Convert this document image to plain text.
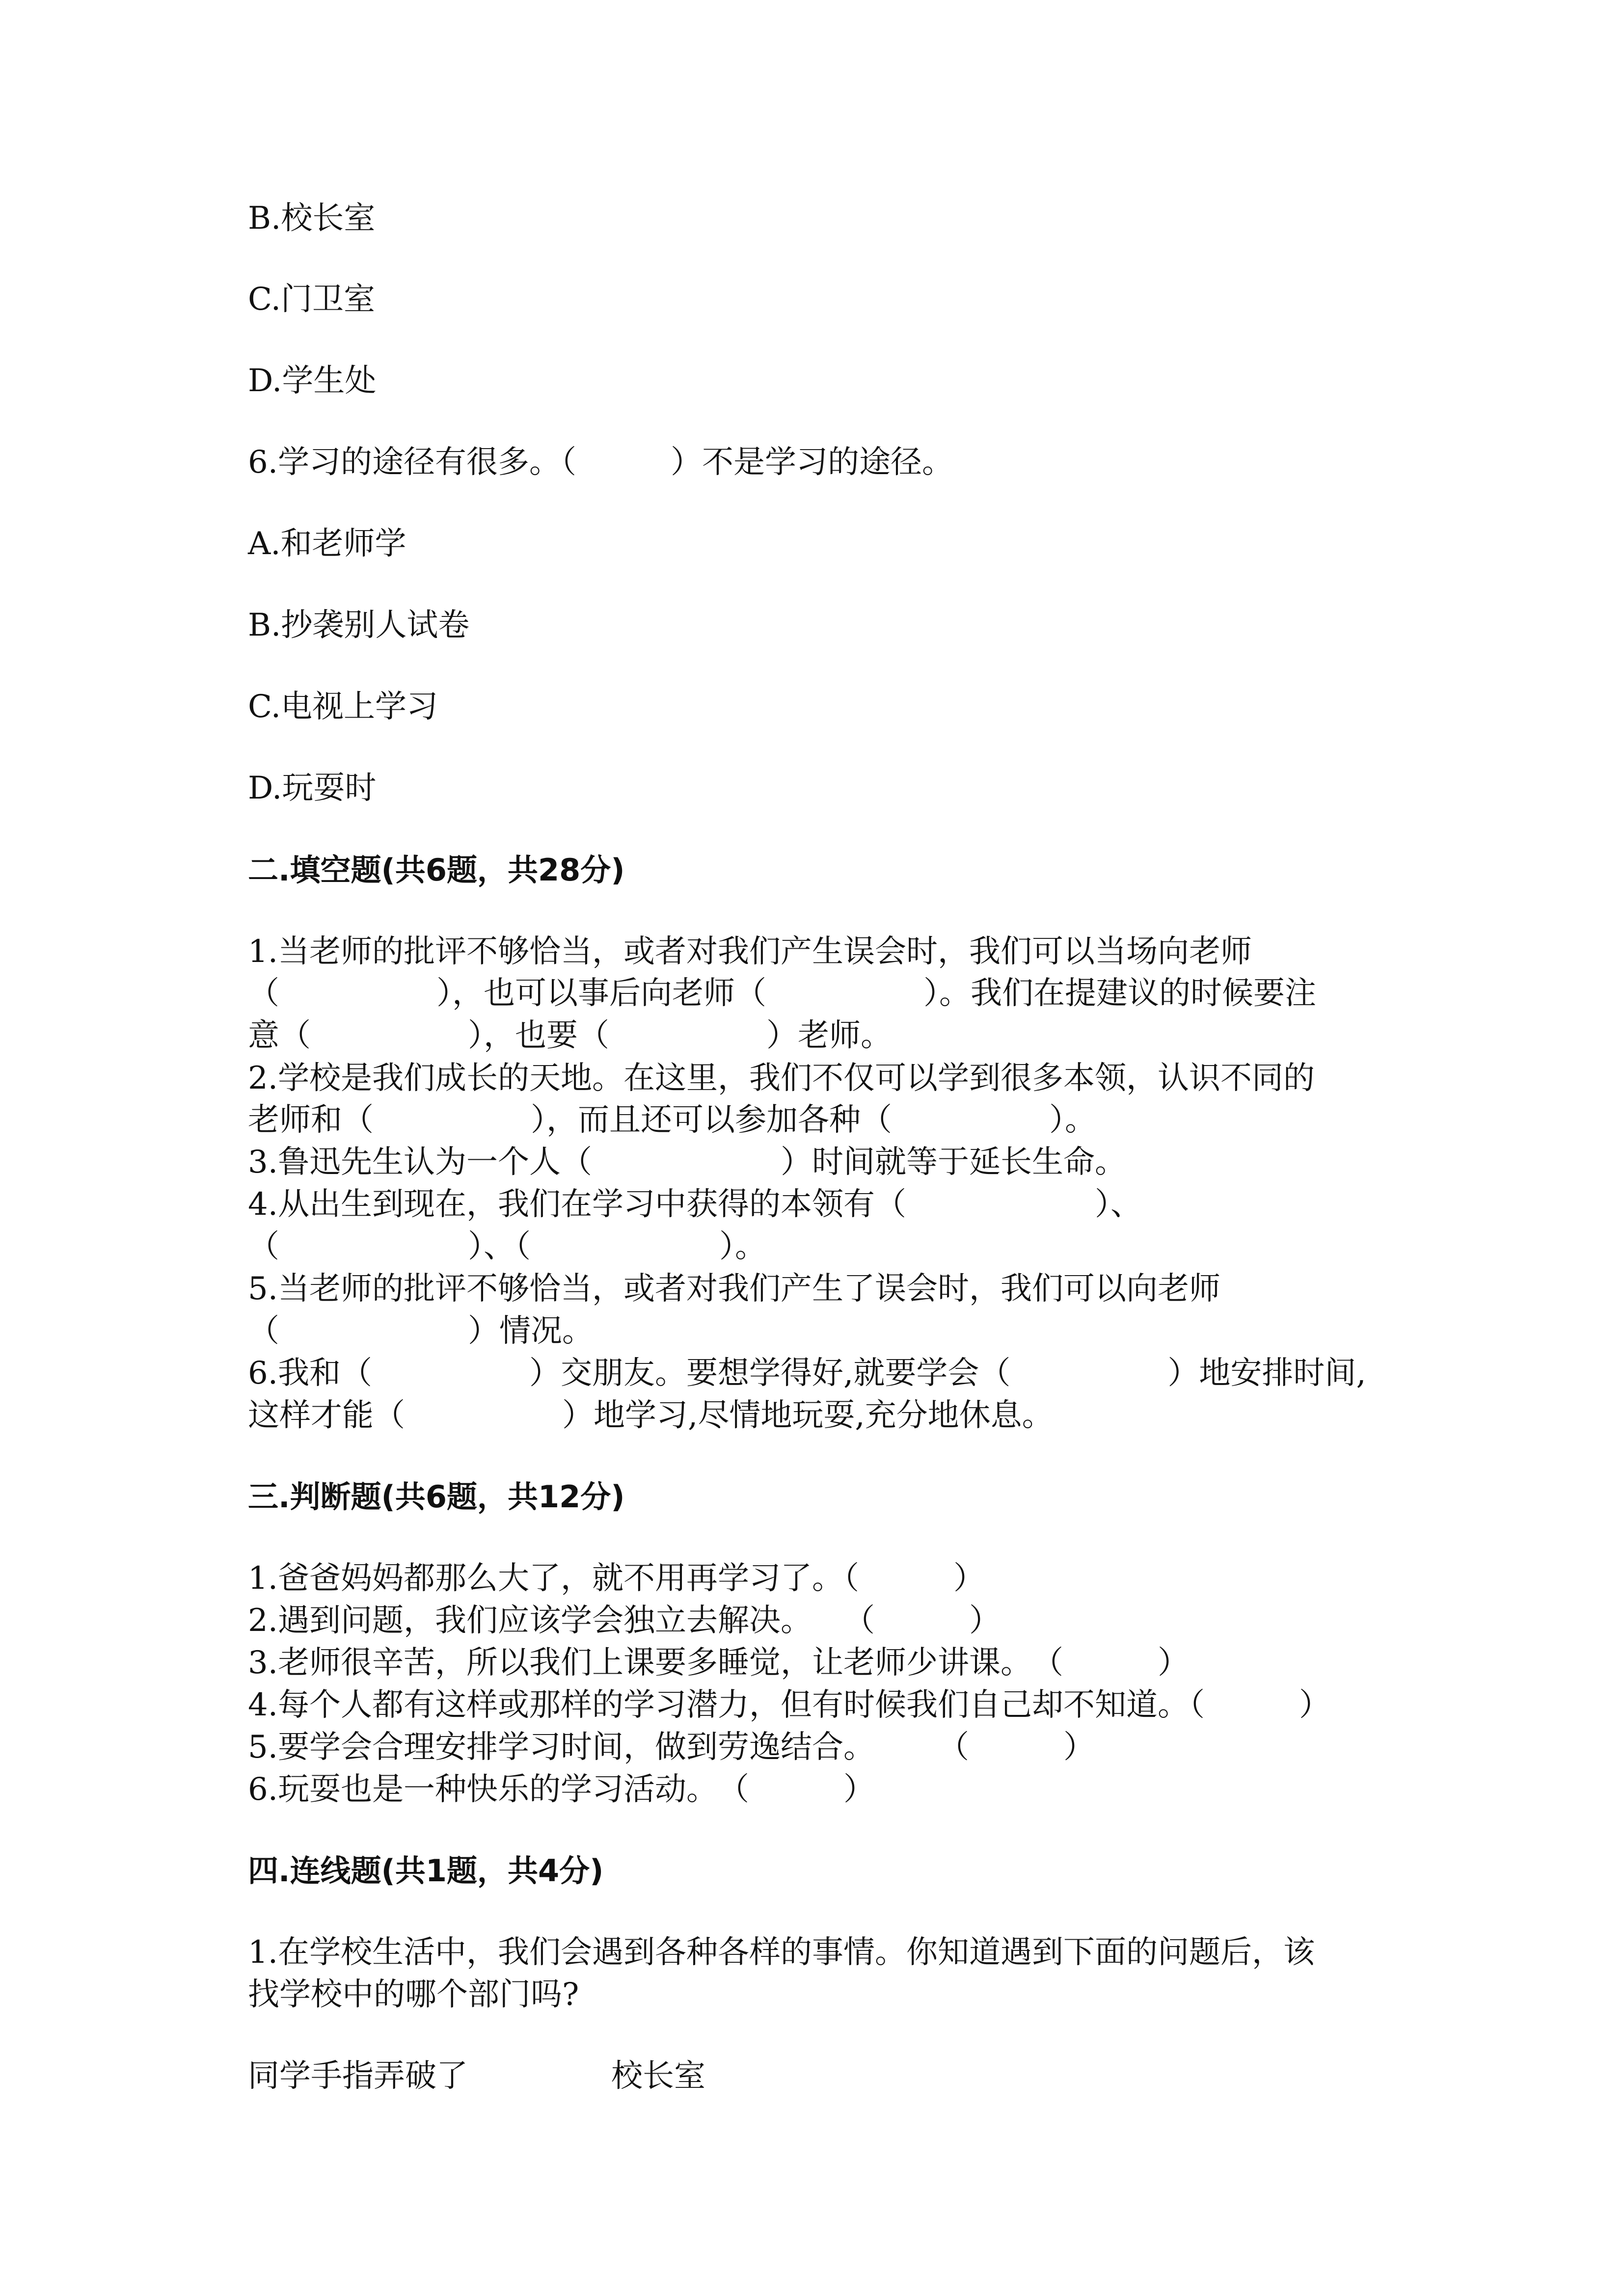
B.校长室
C.门卫室
D.学生处
6.学习的途径有很多。（　　　）不是学习的途径。
A.和老师学
B.抄袭别人试卷
C.电视上学习
D.玩耍时
二.填空题(共6题，共28分)
1.当老师的批评不够恰当，或者对我们产生误会时，我们可以当场向老师
（　　　　　），也可以事后向老师（　　　　　）。我们在提建议的时候要注
意（　　　　　），也要（　　　　　）老师。
2.学校是我们成长的天地。在这里，我们不仅可以学到很多本领，认识不同的
老师和（　　　　　），而且还可以参加各种（　　　　　）。
3.鲁迅先生认为一个人（　　　　　　）时间就等于延长生命。
4.从出生到现在，我们在学习中获得的本领有（　　　　　　）、
（　　　　　　）、（　　　　　　）。
5.当老师的批评不够恰当，或者对我们产生了误会时，我们可以向老师
（　　　　　　）情况。
6.我和（　　　　　）交朋友。要想学得好,就要学会（　　　　　）地安排时间,
这样才能（　　　　　）地学习,尽情地玩耍,充分地休息。
三.判断题(共6题，共12分)
1.爸爸妈妈都那么大了，就不用再学习了。（　　　）
2.遇到问题，我们应该学会独立去解决。　　（　　　）
3.老师很辛苦，所以我们上课要多睡觉，让老师少讲课。　（　　　）
4.每个人都有这样或那样的学习潜力，但有时候我们自己却不知道。（　　　）
5.要学会合理安排学习时间，做到劳逸结合。　　　（　　　）
6.玩耍也是一种快乐的学习活动。　（　　　）
四.连线题(共1题，共4分)
1.在学校生活中，我们会遇到各种各样的事情。你知道遇到下面的问题后，该
找学校中的哪个部门吗?
同学手指弄破了	校长室
